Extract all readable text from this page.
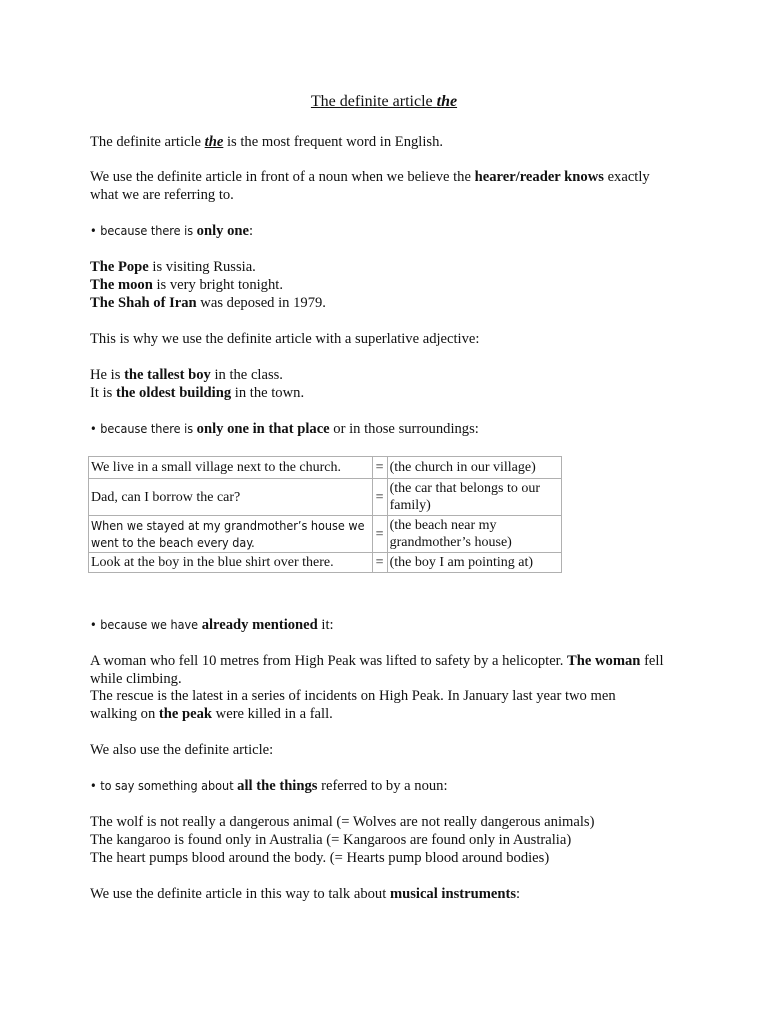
The definite article the

The definite article the is the most frequent word in English.

We use the definite article in front of a noun when we believe the hearer/reader knows exactly what we are referring to.

• because there is only one:

The Pope is visiting Russia.

The moon is very bright tonight.

The Shah of Iran was deposed in 1979.

This is why we use the definite article with a superlative adjective:

He is the tallest boy in the class.

It is the oldest building in the town.

• because there is only one in that place or in those surroundings:

We live in a small village next to the church.	=	(the church in our village)
Dad, can I borrow the car?	=	(the car that belongs to our family)
When we stayed at my grandmother’s house we went to the beach every day.	=	(the beach near my grandmother’s house)
Look at the boy in the blue shirt over there.	=	(the boy I am pointing at)

• because we have already mentioned it:

A woman who fell 10 metres from High Peak was lifted to safety by a helicopter. The woman fell while climbing.

The rescue is the latest in a series of incidents on High Peak. In January last year two men walking on the peak were killed in a fall.

We also use the definite article:

• to say something about all the things referred to by a noun:

The wolf is not really a dangerous animal (= Wolves are not really dangerous animals)

The kangaroo is found only in Australia (= Kangaroos are found only in Australia)

The heart pumps blood around the body. (= Hearts pump blood around bodies)

We use the definite article in this way to talk about musical instruments:
